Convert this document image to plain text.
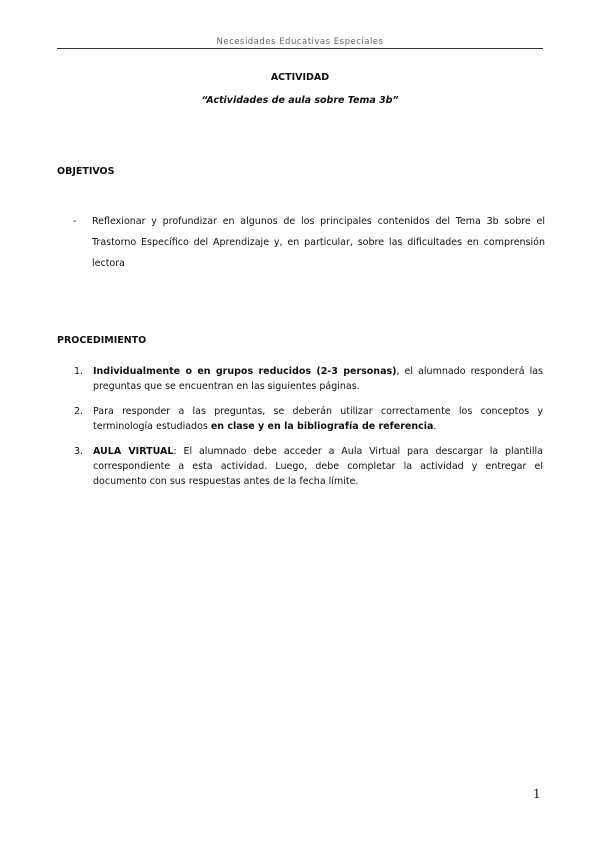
Necesidades Educativas Especiales
ACTIVIDAD
“Actividades de aula sobre Tema 3b”
OBJETIVOS
- Reflexionar y profundizar en algunos de los principales contenidos del Tema 3b sobre el Trastorno Específico del Aprendizaje y, en particular, sobre las dificultades en comprensión lectora
PROCEDIMIENTO
1. Individualmente o en grupos reducidos (2-3 personas), el alumnado responderá las preguntas que se encuentran en las siguientes páginas.
2. Para responder a las preguntas, se deberán utilizar correctamente los conceptos y terminología estudiados en clase y en la bibliografía de referencia.
3. AULA VIRTUAL: El alumnado debe acceder a Aula Virtual para descargar la plantilla correspondiente a esta actividad. Luego, debe completar la actividad y entregar el documento con sus respuestas antes de la fecha límite.
1
